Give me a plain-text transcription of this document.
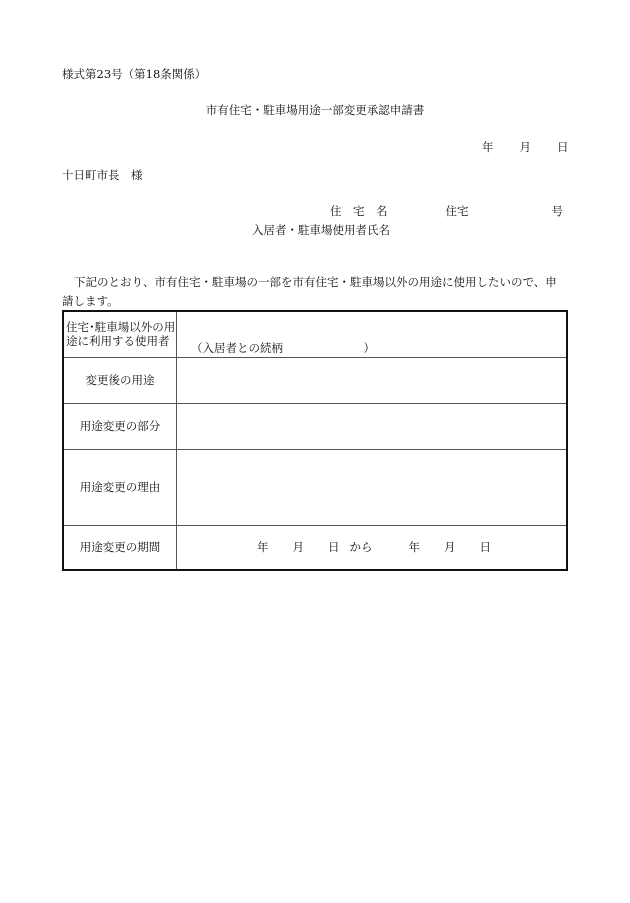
様式第23号（第18条関係）
市有住宅・駐車場用途一部変更承認申請書
年 月 日
十日町市長　様
住　宅　名	住宅	号
入居者・駐車場使用者氏名
下記のとおり、市有住宅・駐車場の一部を市有住宅・駐車場以外の用途に使用したいので、申請します。
住宅･駐車場以外の用途に利用する使用者	（入居者との続柄　　　　　　　）

変更後の用途	
用途変更の部分	
用途変更の理由	
用途変更の期間	年 月 日 から 年 月 日
